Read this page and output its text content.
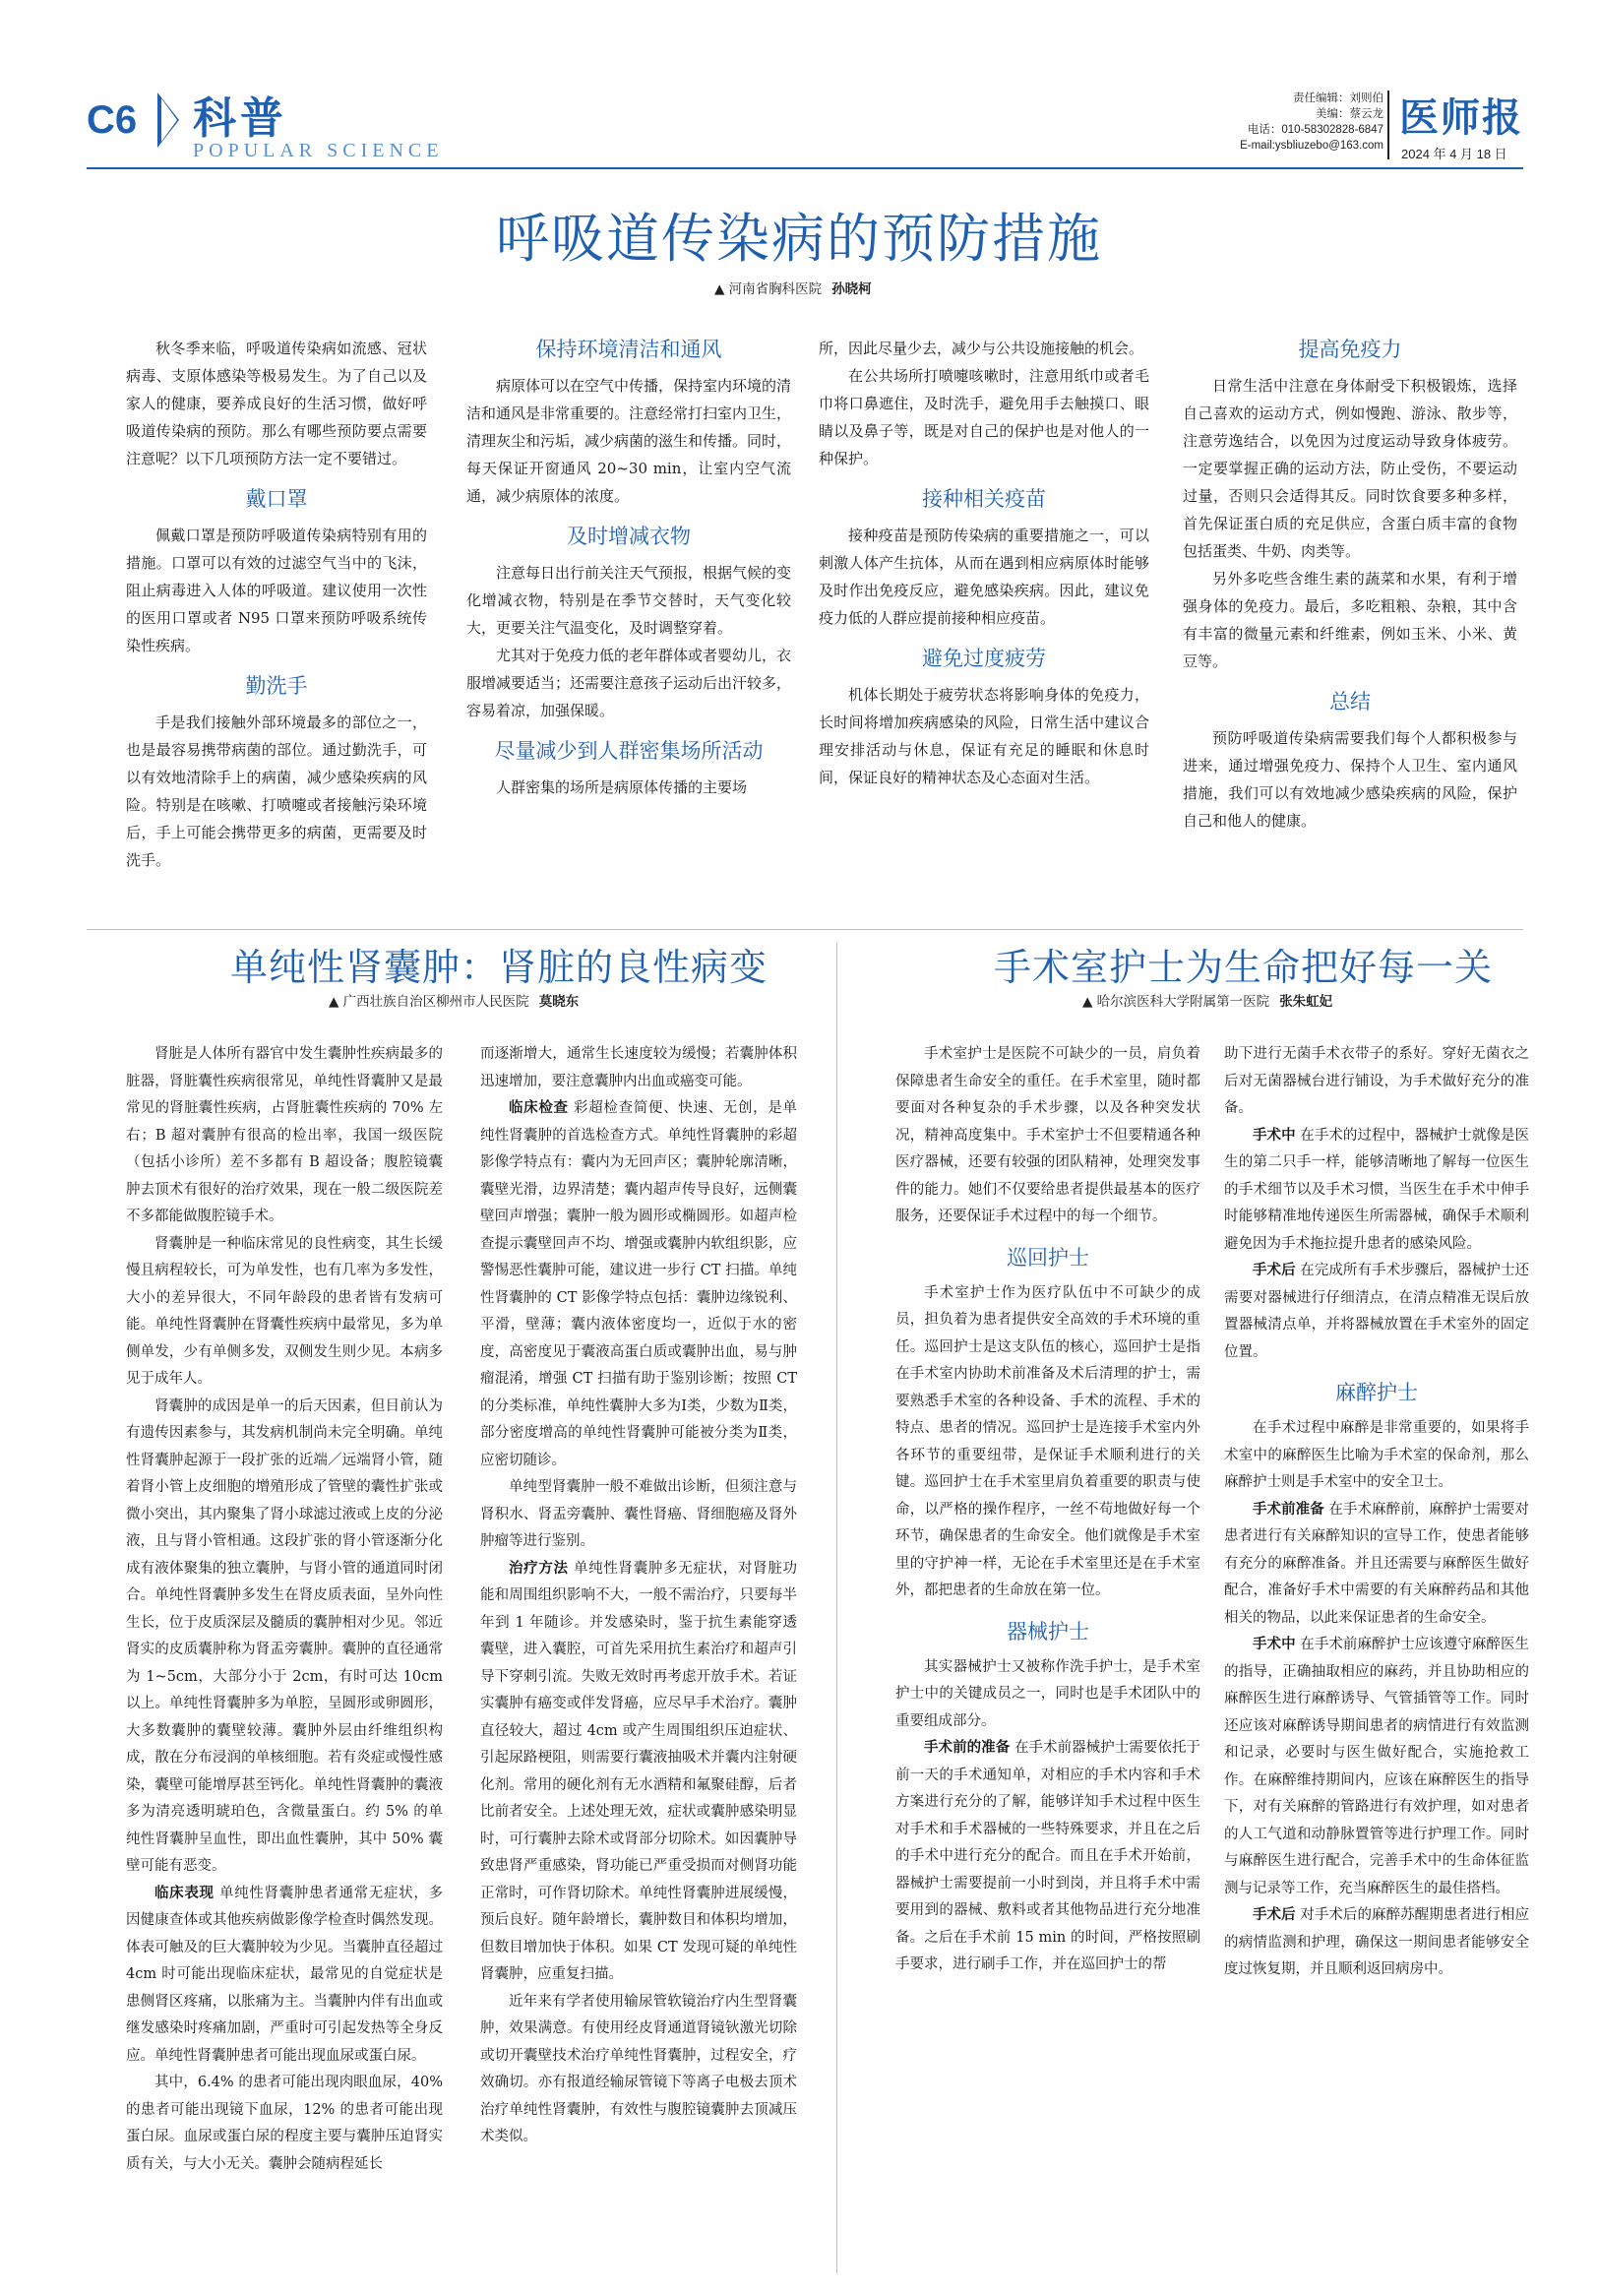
C6 科普
POPULAR SCIENCE
责任编辑：刘则伯
美编：蔡云龙
电话：010-58302828-6847
E-mail:ysbliuzebo@163.com
医师报
2024 年 4 月 18 日
呼吸道传染病的预防措施
▲ 河南省胸科医院 孙晓柯

秋冬季来临，呼吸道传染病如流感、冠状病毒、支原体感染等极易发生。为了自己以及家人的健康，要养成良好的生活习惯，做好呼吸道传染病的预防。那么有哪些预防要点需要注意呢？以下几项预防方法一定不要错过。

戴口罩

佩戴口罩是预防呼吸道传染病特别有用的措施。口罩可以有效的过滤空气当中的飞沫，阻止病毒进入人体的呼吸道。建议使用一次性的医用口罩或者 N95 口罩来预防呼吸系统传染性疾病。

勤洗手

手是我们接触外部环境最多的部位之一，也是最容易携带病菌的部位。通过勤洗手，可以有效地清除手上的病菌，减少感染疾病的风险。特别是在咳嗽、打喷嚏或者接触污染环境后，手上可能会携带更多的病菌，更需要及时洗手。

保持环境清洁和通风

病原体可以在空气中传播，保持室内环境的清洁和通风是非常重要的。注意经常打扫室内卫生，清理灰尘和污垢，减少病菌的滋生和传播。同时，每天保证开窗通风 20~30 min，让室内空气流通，减少病原体的浓度。

及时增减衣物

注意每日出行前关注天气预报，根据气候的变化增减衣物，特别是在季节交替时，天气变化较大，更要关注气温变化，及时调整穿着。

尤其对于免疫力低的老年群体或者婴幼儿，衣服增减要适当；还需要注意孩子运动后出汗较多，容易着凉，加强保暖。

尽量减少到人群密集场所活动

人群密集的场所是病原体传播的主要场

所，因此尽量少去，减少与公共设施接触的机会。

在公共场所打喷嚏咳嗽时，注意用纸巾或者毛巾将口鼻遮住，及时洗手，避免用手去触摸口、眼睛以及鼻子等，既是对自己的保护也是对他人的一种保护。

接种相关疫苗

接种疫苗是预防传染病的重要措施之一，可以刺激人体产生抗体，从而在遇到相应病原体时能够及时作出免疫反应，避免感染疾病。因此，建议免疫力低的人群应提前接种相应疫苗。

避免过度疲劳

机体长期处于疲劳状态将影响身体的免疫力，长时间将增加疾病感染的风险，日常生活中建议合理安排活动与休息，保证有充足的睡眠和休息时间，保证良好的精神状态及心态面对生活。

提高免疫力

日常生活中注意在身体耐受下积极锻炼，选择自己喜欢的运动方式，例如慢跑、游泳、散步等，注意劳逸结合，以免因为过度运动导致身体疲劳。一定要掌握正确的运动方法，防止受伤，不要运动过量，否则只会适得其反。同时饮食要多种多样，首先保证蛋白质的充足供应，含蛋白质丰富的食物包括蛋类、牛奶、肉类等。

另外多吃些含维生素的蔬菜和水果，有利于增强身体的免疫力。最后，多吃粗粮、杂粮，其中含有丰富的微量元素和纤维素，例如玉米、小米、黄豆等。

总结

预防呼吸道传染病需要我们每个人都积极参与进来，通过增强免疫力、保持个人卫生、室内通风措施，我们可以有效地减少感染疾病的风险，保护自己和他人的健康。

单纯性肾囊肿：肾脏的良性病变
▲ 广西壮族自治区柳州市人民医院 莫晓东

肾脏是人体所有器官中发生囊肿性疾病最多的脏器，肾脏囊性疾病很常见，单纯性肾囊肿又是最常见的肾脏囊性疾病，占肾脏囊性疾病的 70% 左右；B 超对囊肿有很高的检出率，我国一级医院（包括小诊所）差不多都有 B 超设备；腹腔镜囊肿去顶术有很好的治疗效果，现在一般二级医院差不多都能做腹腔镜手术。

肾囊肿是一种临床常见的良性病变，其生长缓慢且病程较长，可为单发性，也有几率为多发性，大小的差异很大，不同年龄段的患者皆有发病可能。单纯性肾囊肿在肾囊性疾病中最常见，多为单侧单发，少有单侧多发，双侧发生则少见。本病多见于成年人。

肾囊肿的成因是单一的后天因素，但目前认为有遗传因素参与，其发病机制尚未完全明确。单纯性肾囊肿起源于一段扩张的近端／远端肾小管，随着肾小管上皮细胞的增殖形成了管壁的囊性扩张或微小突出，其内聚集了肾小球滤过液或上皮的分泌液，且与肾小管相通。这段扩张的肾小管逐渐分化成有液体聚集的独立囊肿，与肾小管的通道同时闭合。单纯性肾囊肿多发生在肾皮质表面，呈外向性生长，位于皮质深层及髓质的囊肿相对少见。邻近肾实的皮质囊肿称为肾盂旁囊肿。囊肿的直径通常为 1~5cm，大部分小于 2cm，有时可达 10cm 以上。单纯性肾囊肿多为单腔，呈圆形或卵圆形，大多数囊肿的囊壁较薄。囊肿外层由纤维组织构成，散在分布浸润的单核细胞。若有炎症或慢性感染，囊壁可能增厚甚至钙化。单纯性肾囊肿的囊液多为清亮透明琥珀色，含微量蛋白。约 5% 的单纯性肾囊肿呈血性，即出血性囊肿，其中 50% 囊壁可能有恶变。

临床表现 单纯性肾囊肿患者通常无症状，多因健康查体或其他疾病做影像学检查时偶然发现。体表可触及的巨大囊肿较为少见。当囊肿直径超过 4cm 时可能出现临床症状，最常见的自觉症状是患侧肾区疼痛，以胀痛为主。当囊肿内伴有出血或继发感染时疼痛加剧，严重时可引起发热等全身反应。单纯性肾囊肿患者可能出现血尿或蛋白尿。

其中，6.4% 的患者可能出现肉眼血尿，40% 的患者可能出现镜下血尿，12% 的患者可能出现蛋白尿。血尿或蛋白尿的程度主要与囊肿压迫肾实质有关，与大小无关。囊肿会随病程延长

而逐渐增大，通常生长速度较为缓慢；若囊肿体积迅速增加，要注意囊肿内出血或癌变可能。

临床检查 彩超检查简便、快速、无创，是单纯性肾囊肿的首选检查方式。单纯性肾囊肿的彩超影像学特点有：囊内为无回声区；囊肿轮廓清晰，囊壁光滑，边界清楚；囊内超声传导良好，远侧囊壁回声增强；囊肿一般为圆形或椭圆形。如超声检查提示囊壁回声不均、增强或囊肿内软组织影，应警惕恶性囊肿可能，建议进一步行 CT 扫描。单纯性肾囊肿的 CT 影像学特点包括：囊肿边缘锐利、平滑，壁薄；囊内液体密度均一，近似于水的密度，高密度见于囊液高蛋白质或囊肿出血，易与肿瘤混淆，增强 CT 扫描有助于鉴别诊断；按照 CT 的分类标准，单纯性囊肿大多为Ⅰ类，少数为Ⅱ类，部分密度增高的单纯性肾囊肿可能被分类为Ⅱ类，应密切随诊。

单纯型肾囊肿一般不难做出诊断，但须注意与肾积水、肾盂旁囊肿、囊性肾癌、肾细胞癌及肾外肿瘤等进行鉴别。

治疗方法 单纯性肾囊肿多无症状，对肾脏功能和周围组织影响不大，一般不需治疗，只要每半年到 1 年随诊。并发感染时，鉴于抗生素能穿透囊壁，进入囊腔，可首先采用抗生素治疗和超声引导下穿刺引流。失败无效时再考虑开放手术。若证实囊肿有癌变或伴发肾癌，应尽早手术治疗。囊肿直径较大，超过 4cm 或产生周围组织压迫症状、引起尿路梗阻，则需要行囊液抽吸术并囊内注射硬化剂。常用的硬化剂有无水酒精和氟聚硅醇，后者比前者安全。上述处理无效，症状或囊肿感染明显时，可行囊肿去除术或肾部分切除术。如因囊肿导致患肾严重感染，肾功能已严重受损而对侧肾功能正常时，可作肾切除术。单纯性肾囊肿进展缓慢，预后良好。随年龄增长，囊肿数目和体积均增加，但数目增加快于体积。如果 CT 发现可疑的单纯性肾囊肿，应重复扫描。

近年来有学者使用输尿管软镜治疗内生型肾囊肿，效果满意。有使用经皮肾通道肾镜钬激光切除或切开囊壁技术治疗单纯性肾囊肿，过程安全，疗效确切。亦有报道经输尿管镜下等离子电极去顶术治疗单纯性肾囊肿，有效性与腹腔镜囊肿去顶减压术类似。

手术室护士为生命把好每一关
▲ 哈尔滨医科大学附属第一医院 张朱虹妃

手术室护士是医院不可缺少的一员，肩负着保障患者生命安全的重任。在手术室里，随时都要面对各种复杂的手术步骤，以及各种突发状况，精神高度集中。手术室护士不但要精通各种医疗器械，还要有较强的团队精神，处理突发事件的能力。她们不仅要给患者提供最基本的医疗服务，还要保证手术过程中的每一个细节。

巡回护士

手术室护士作为医疗队伍中不可缺少的成员，担负着为患者提供安全高效的手术环境的重任。巡回护士是这支队伍的核心，巡回护士是指在手术室内协助术前准备及术后清理的护士，需要熟悉手术室的各种设备、手术的流程、手术的特点、患者的情况。巡回护士是连接手术室内外各环节的重要纽带，是保证手术顺利进行的关键。巡回护士在手术室里肩负着重要的职责与使命，以严格的操作程序，一丝不苟地做好每一个环节，确保患者的生命安全。他们就像是手术室里的守护神一样，无论在手术室里还是在手术室外，都把患者的生命放在第一位。

器械护士

其实器械护士又被称作洗手护士，是手术室护士中的关键成员之一，同时也是手术团队中的重要组成部分。

手术前的准备 在手术前器械护士需要依托于前一天的手术通知单，对相应的手术内容和手术方案进行充分的了解，能够详知手术过程中医生对手术和手术器械的一些特殊要求，并且在之后的手术中进行充分的配合。而且在手术开始前，器械护士需要提前一小时到岗，并且将手术中需要用到的器械、敷料或者其他物品进行充分地准备。之后在手术前 15 min 的时间，严格按照刷手要求，进行刷手工作，并在巡回护士的帮

助下进行无菌手术衣带子的系好。穿好无菌衣之后对无菌器械台进行铺设，为手术做好充分的准备。

手术中 在手术的过程中，器械护士就像是医生的第二只手一样，能够清晰地了解每一位医生的手术细节以及手术习惯，当医生在手术中伸手时能够精准地传递医生所需器械，确保手术顺利避免因为手术拖拉提升患者的感染风险。

手术后 在完成所有手术步骤后，器械护士还需要对器械进行仔细清点，在清点精准无误后放置器械清点单，并将器械放置在手术室外的固定位置。

麻醉护士

在手术过程中麻醉是非常重要的，如果将手术室中的麻醉医生比喻为手术室的保命剂，那么麻醉护士则是手术室中的安全卫士。

手术前准备 在手术麻醉前，麻醉护士需要对患者进行有关麻醉知识的宣导工作，使患者能够有充分的麻醉准备。并且还需要与麻醉医生做好配合，准备好手术中需要的有关麻醉药品和其他相关的物品，以此来保证患者的生命安全。

手术中 在手术前麻醉护士应该遵守麻醉医生的指导，正确抽取相应的麻药，并且协助相应的麻醉医生进行麻醉诱导、气管插管等工作。同时还应该对麻醉诱导期间患者的病情进行有效监测和记录，必要时与医生做好配合，实施抢救工作。在麻醉维持期间内，应该在麻醉医生的指导下，对有关麻醉的管路进行有效护理，如对患者的人工气道和动静脉置管等进行护理工作。同时与麻醉医生进行配合，完善手术中的生命体征监测与记录等工作，充当麻醉医生的最佳搭档。

手术后 对手术后的麻醉苏醒期患者进行相应的病情监测和护理，确保这一期间患者能够安全度过恢复期，并且顺利返回病房中。
